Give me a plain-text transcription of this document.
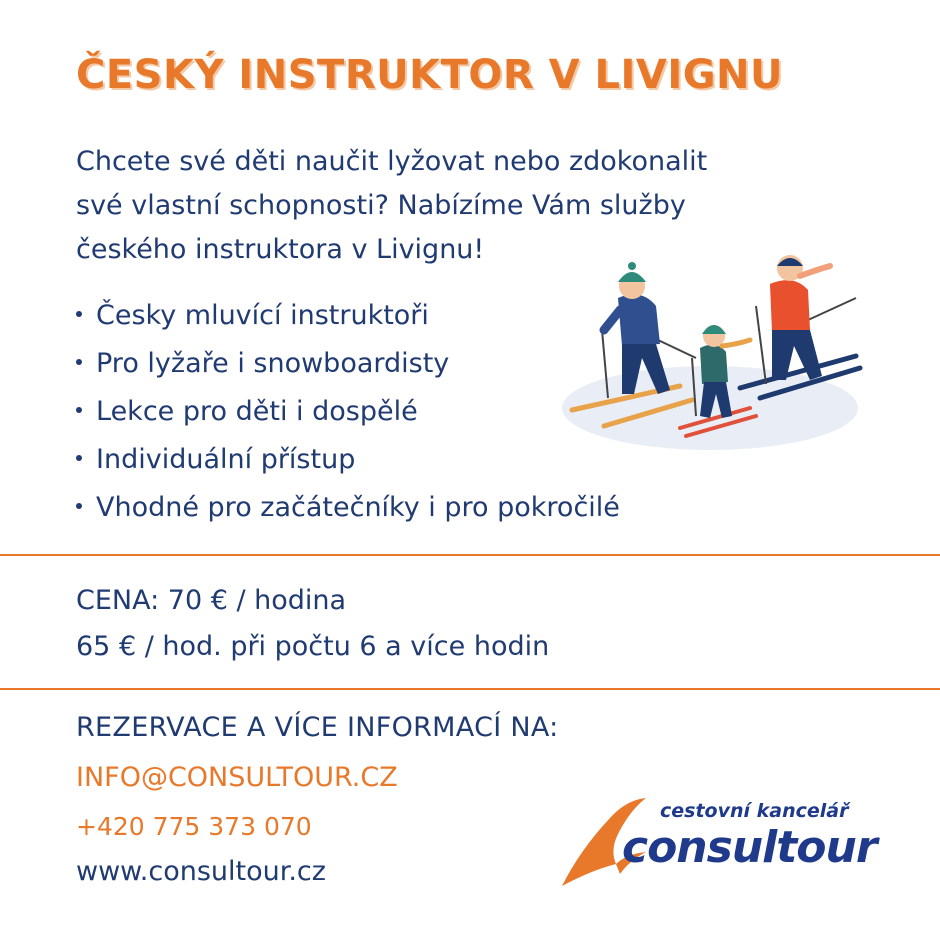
ČESKÝ INSTRUKTOR V LIVIGNU
Chcete své děti naučit lyžovat nebo zdokonalit
své vlastní schopnosti? Nabízíme Vám služby
českého instruktora v Livignu!
Česky mluvící instruktoři
Pro lyžaře i snowboardisty
Lekce pro děti i dospělé
Individuální přístup
Vhodné pro začátečníky i pro pokročilé
CENA: 70 € / hodina
65 € / hod. při počtu 6 a více hodin
REZERVACE A VÍCE INFORMACÍ NA:
INFO@CONSULTOUR.CZ
+420 775 373 070
www.consultour.cz
cestovní kancelář
consultour
